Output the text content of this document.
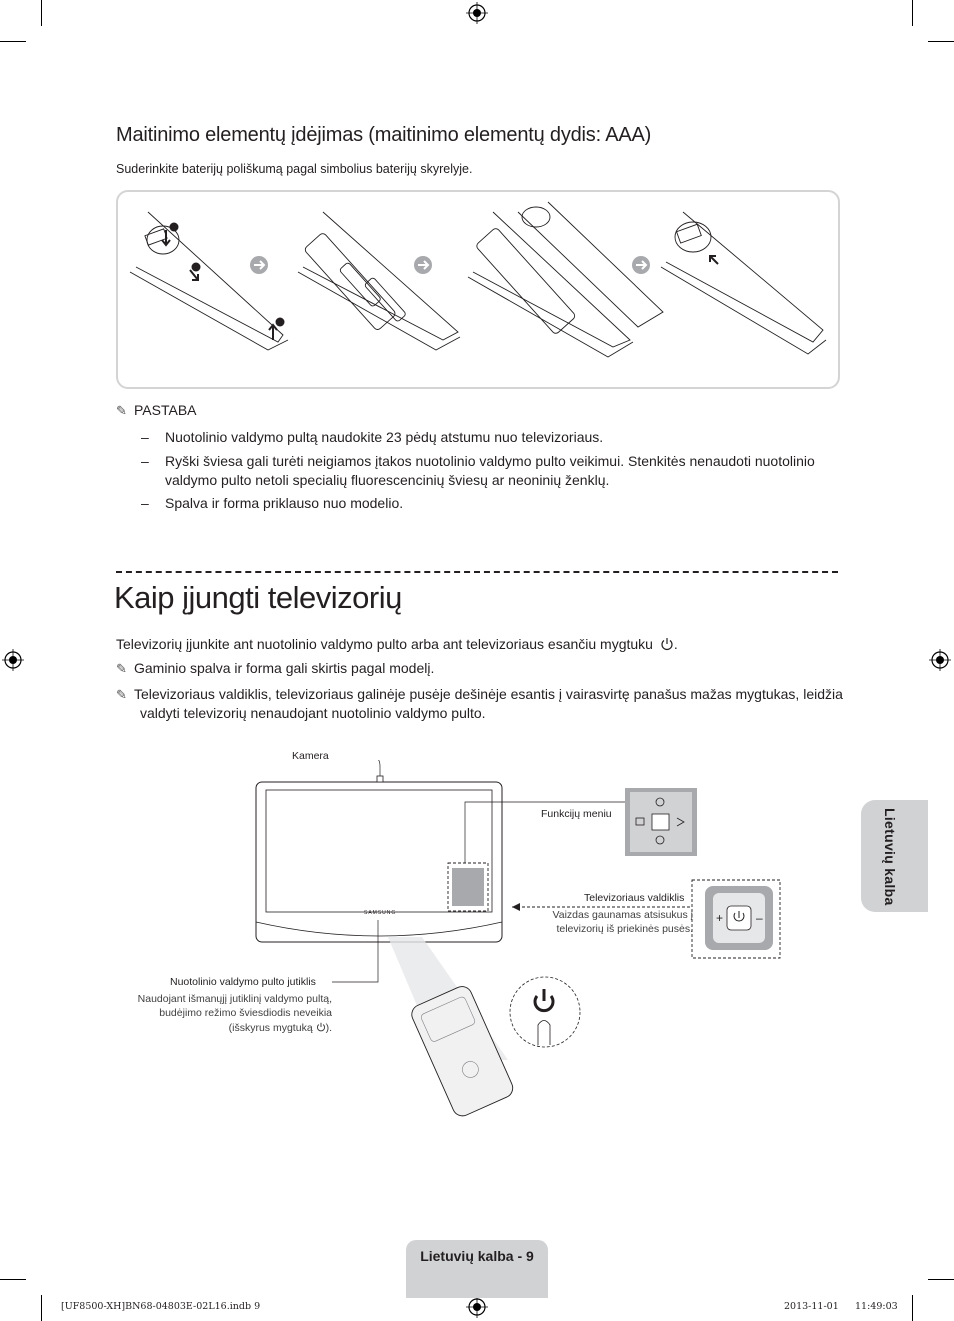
Maitinimo elementų įdėjimas (maitinimo elementų dydis: AAA)
Suderinkite baterijų poliškumą pagal simbolius baterijų skyrelyje.
✎ PASTABA
– Nuotolinio valdymo pultą naudokite 23 pėdų atstumu nuo televizoriaus.
– Ryški šviesa gali turėti neigiamos įtakos nuotolinio valdymo pulto veikimui. Stenkitės nenaudoti nuotolinio
valdymo pulto netoli specialių fluorescencinių šviesų ar neoninių ženklų.
– Spalva ir forma priklauso nuo modelio.
Kaip įjungti televizorių
Televizorių įjunkite ant nuotolinio valdymo pulto arba ant televizoriaus esančiu mygtuku .
✎ Gaminio spalva ir forma gali skirtis pagal modelį.
✎ Televizoriaus valdiklis, televizoriaus galinėje pusėje dešinėje esantis į vairasvirtę panašus mažas mygtukas, leidžia
valdyti televizorių nenaudojant nuotolinio valdymo pulto.
+	–
SAMSUNG
Kamera
Funkcijų meniu
Televizoriaus valdiklis
Vaizdas gaunamas atsisukus į
televizorių iš priekinės pusės.
Nuotolinio valdymo pulto jutiklis
Naudojant išmanųjį jutiklinį valdymo pultą,
budėjimo režimo šviesdiodis neveikia
(išskyrus mygtuką ).
Lietuvių kalba
Lietuvių kalba - 9
[UF8500-XH]BN68-04803E-02L16.indb 9	2013-11-01 11:49:03
